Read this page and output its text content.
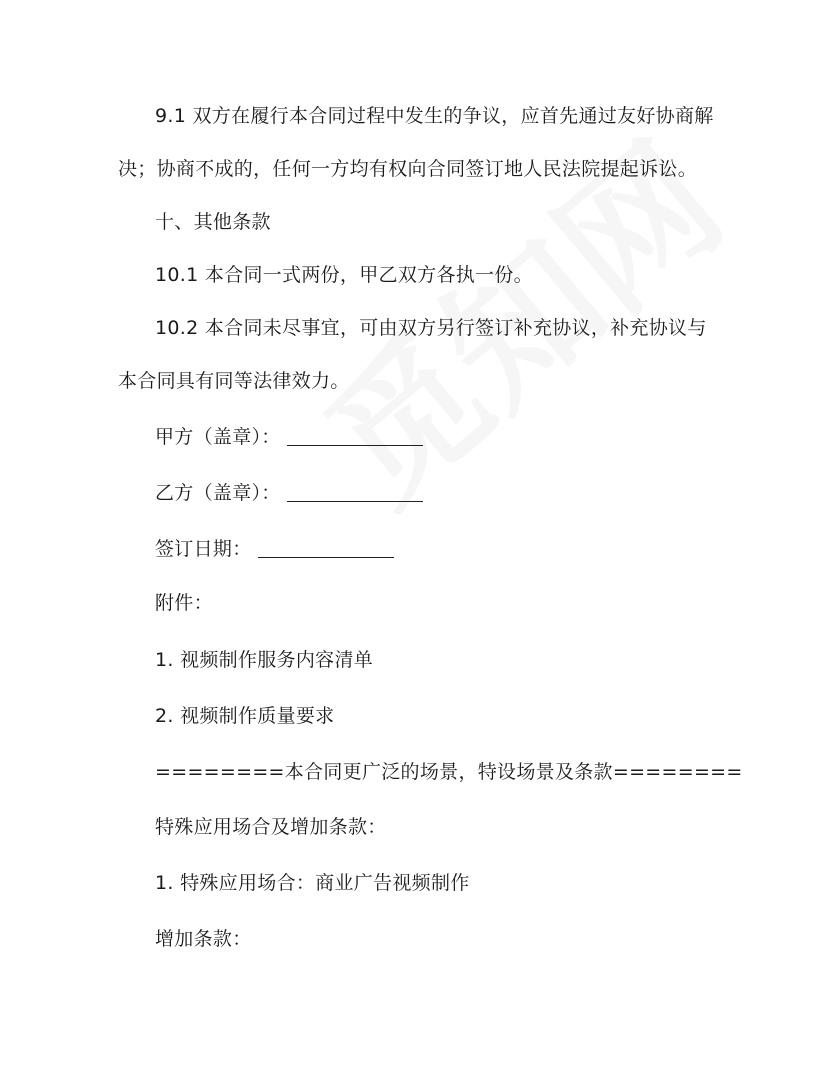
9.1 双方在履行本合同过程中发生的争议，应首先通过友好协商解
决；协商不成的，任何一方均有权向合同签订地人民法院提起诉讼。
十、其他条款
10.1 本合同一式两份，甲乙双方各执一份。
10.2 本合同未尽事宜，可由双方另行签订补充协议，补充协议与
本合同具有同等法律效力。
甲方（盖章）：
乙方（盖章）：
签订日期：
附件：
1. 视频制作服务内容清单
2. 视频制作质量要求
========本合同更广泛的场景，特设场景及条款========
特殊应用场合及增加条款：
1. 特殊应用场合：商业广告视频制作
增加条款：
